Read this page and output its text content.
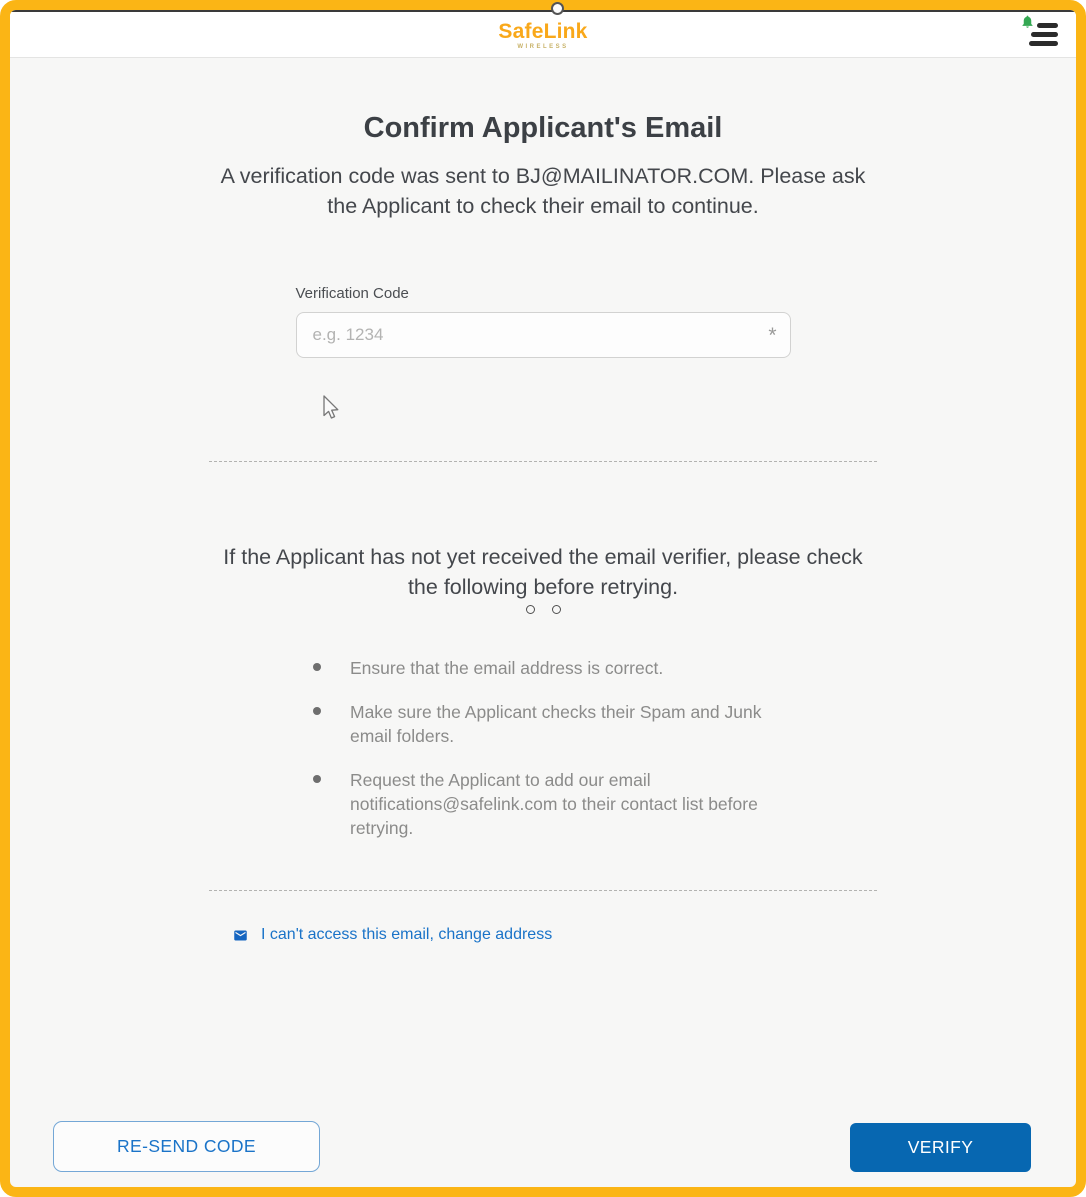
SafeLink
WIRELESS
Confirm Applicant's Email

A verification code was sent to BJ@MAILINATOR.COM. Please ask the Applicant to check their email to continue.

Verification Code
e.g. 1234
*

If the Applicant has not yet received the email verifier, please check the following before retrying.

Ensure that the email address is correct.
Make sure the Applicant checks their Spam and Junk email folders.
Request the Applicant to add our email notifications@safelink.com to their contact list before retrying.
I can't access this email, change address
RE-SEND CODE	VERIFY
